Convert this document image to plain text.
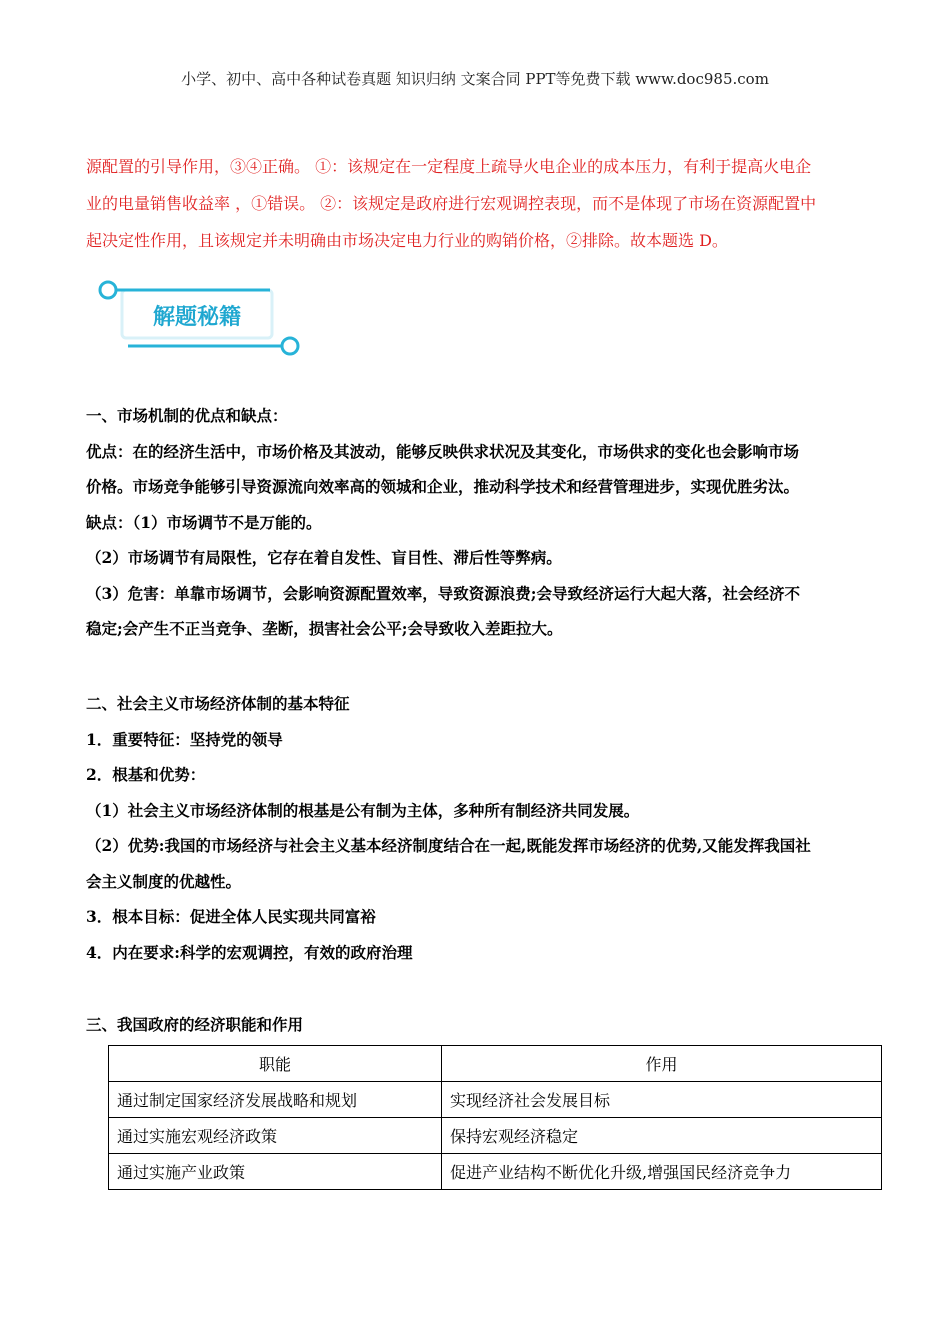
小学、初中、高中各种试卷真题 知识归纳 文案合同 PPT等免费下载 www.doc985.com
源配置的引导作用，③④正确。 ①：该规定在一定程度上疏导火电企业的成本压力，有利于提高火电企
业的电量销售收益率 ，①错误。 ②：该规定是政府进行宏观调控表现，而不是体现了市场在资源配置中
起决定性作用，且该规定并未明确由市场决定电力行业的购销价格，②排除。故本题选 D。
解题秘籍
一、市场机制的优点和缺点：
优点：在的经济生活中，市场价格及其波动，能够反映供求状况及其变化，市场供求的变化也会影响市场
价格。市场竞争能够引导资源流向效率高的领城和企业，推动科学技术和经营管理进步，实现优胜劣汰。
缺点：（1）市场调节不是万能的。
（2）市场调节有局限性，它存在着自发性、盲目性、滞后性等弊病。
（3）危害：单靠市场调节，会影响资源配置效率，导致资源浪费;会导致经济运行大起大落，社会经济不
稳定;会产生不正当竞争、垄断，损害社会公平;会导致收入差距拉大。
二、社会主义市场经济体制的基本特征
1．重要特征：坚持党的领导
2．根基和优势：
（1）社会主义市场经济体制的根基是公有制为主体，多种所有制经济共同发展。
（2）优势:我国的市场经济与社会主义基本经济制度结合在一起,既能发挥市场经济的优势,又能发挥我国社
会主义制度的优越性。
3．根本目标：促进全体人民实现共同富裕
4．内在要求:科学的宏观调控，有效的政府治理
三、我国政府的经济职能和作用
职能	作用
通过制定国家经济发展战略和规划	实现经济社会发展目标
通过实施宏观经济政策	保持宏观经济稳定
通过实施产业政策	促进产业结构不断优化升级,增强国民经济竞争力
